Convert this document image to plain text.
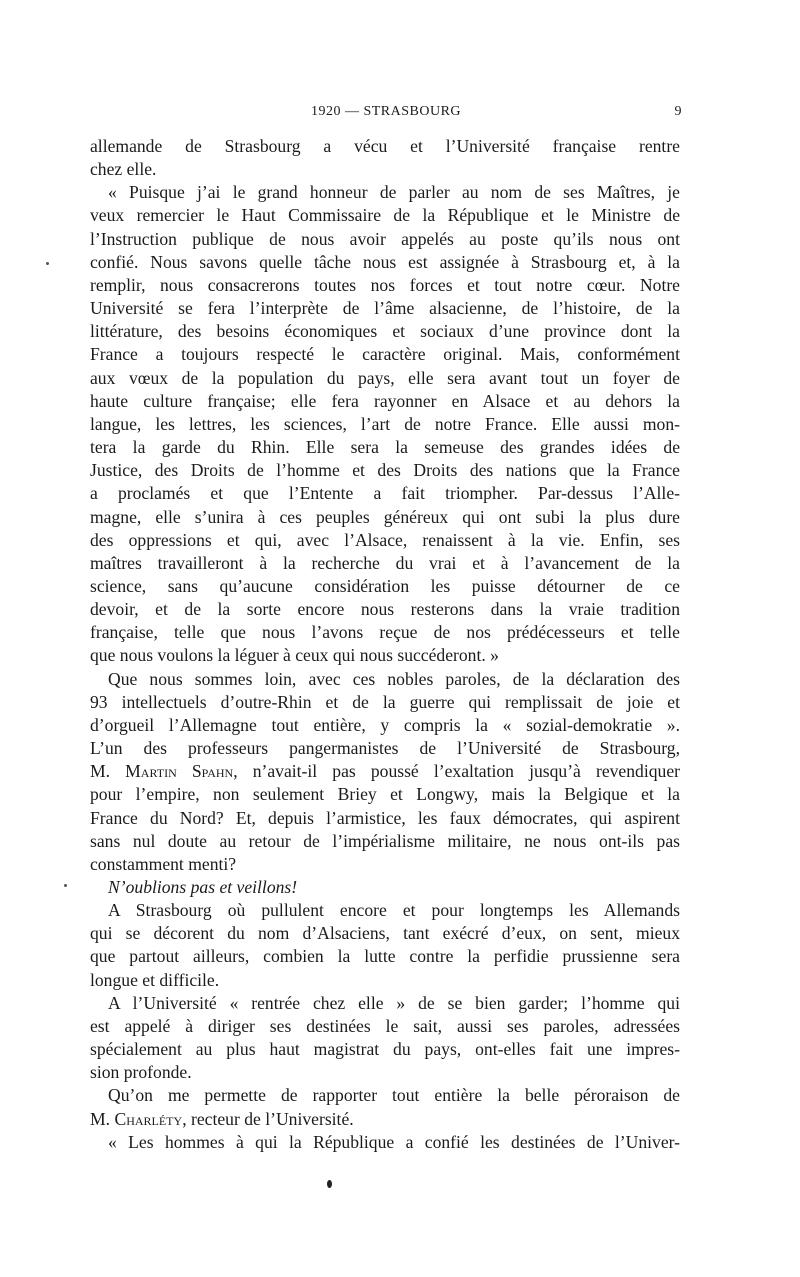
1920 — STRASBOURG	9

allemande de Strasbourg a vécu et l’Université française rentre
chez elle.

« Puisque j’ai le grand honneur de parler au nom de ses Maîtres, je
veux remercier le Haut Commissaire de la République et le Ministre de
l’Instruction publique de nous avoir appelés au poste qu’ils nous ont
confié. Nous savons quelle tâche nous est assignée à Strasbourg et, à la
remplir, nous consacrerons toutes nos forces et tout notre cœur. Notre
Université se fera l’interprète de l’âme alsacienne, de l’histoire, de la
littérature, des besoins économiques et sociaux d’une province dont la
France a toujours respecté le caractère original. Mais, conformément
aux vœux de la population du pays, elle sera avant tout un foyer de
haute culture française; elle fera rayonner en Alsace et au dehors la
langue, les lettres, les sciences, l’art de notre France. Elle aussi mon-
tera la garde du Rhin. Elle sera la semeuse des grandes idées de
Justice, des Droits de l’homme et des Droits des nations que la France
a proclamés et que l’Entente a fait triompher. Par-dessus l’Alle-
magne, elle s’unira à ces peuples généreux qui ont subi la plus dure
des oppressions et qui, avec l’Alsace, renaissent à la vie. Enfin, ses
maîtres travailleront à la recherche du vrai et à l’avancement de la
science, sans qu’aucune considération les puisse détourner de ce
devoir, et de la sorte encore nous resterons dans la vraie tradition
française, telle que nous l’avons reçue de nos prédécesseurs et telle
que nous voulons la léguer à ceux qui nous succéderont. »

Que nous sommes loin, avec ces nobles paroles, de la déclaration des
93 intellectuels d’outre-Rhin et de la guerre qui remplissait de joie et
d’orgueil l’Allemagne tout entière, y compris la « sozial-demokratie ».
L’un des professeurs pangermanistes de l’Université de Strasbourg,
M. Martin Spahn, n’avait-il pas poussé l’exaltation jusqu’à revendiquer
pour l’empire, non seulement Briey et Longwy, mais la Belgique et la
France du Nord? Et, depuis l’armistice, les faux démocrates, qui aspirent
sans nul doute au retour de l’impérialisme militaire, ne nous ont-ils pas
constamment menti?

N’oublions pas et veillons!

A Strasbourg où pullulent encore et pour longtemps les Allemands
qui se décorent du nom d’Alsaciens, tant exécré d’eux, on sent, mieux
que partout ailleurs, combien la lutte contre la perfidie prussienne sera
longue et difficile.

A l’Université « rentrée chez elle » de se bien garder; l’homme qui
est appelé à diriger ses destinées le sait, aussi ses paroles, adressées
spécialement au plus haut magistrat du pays, ont-elles fait une impres-
sion profonde.

Qu’on me permette de rapporter tout entière la belle péroraison de
M. Charléty, recteur de l’Université.

« Les hommes à qui la République a confié les destinées de l’Univer-
